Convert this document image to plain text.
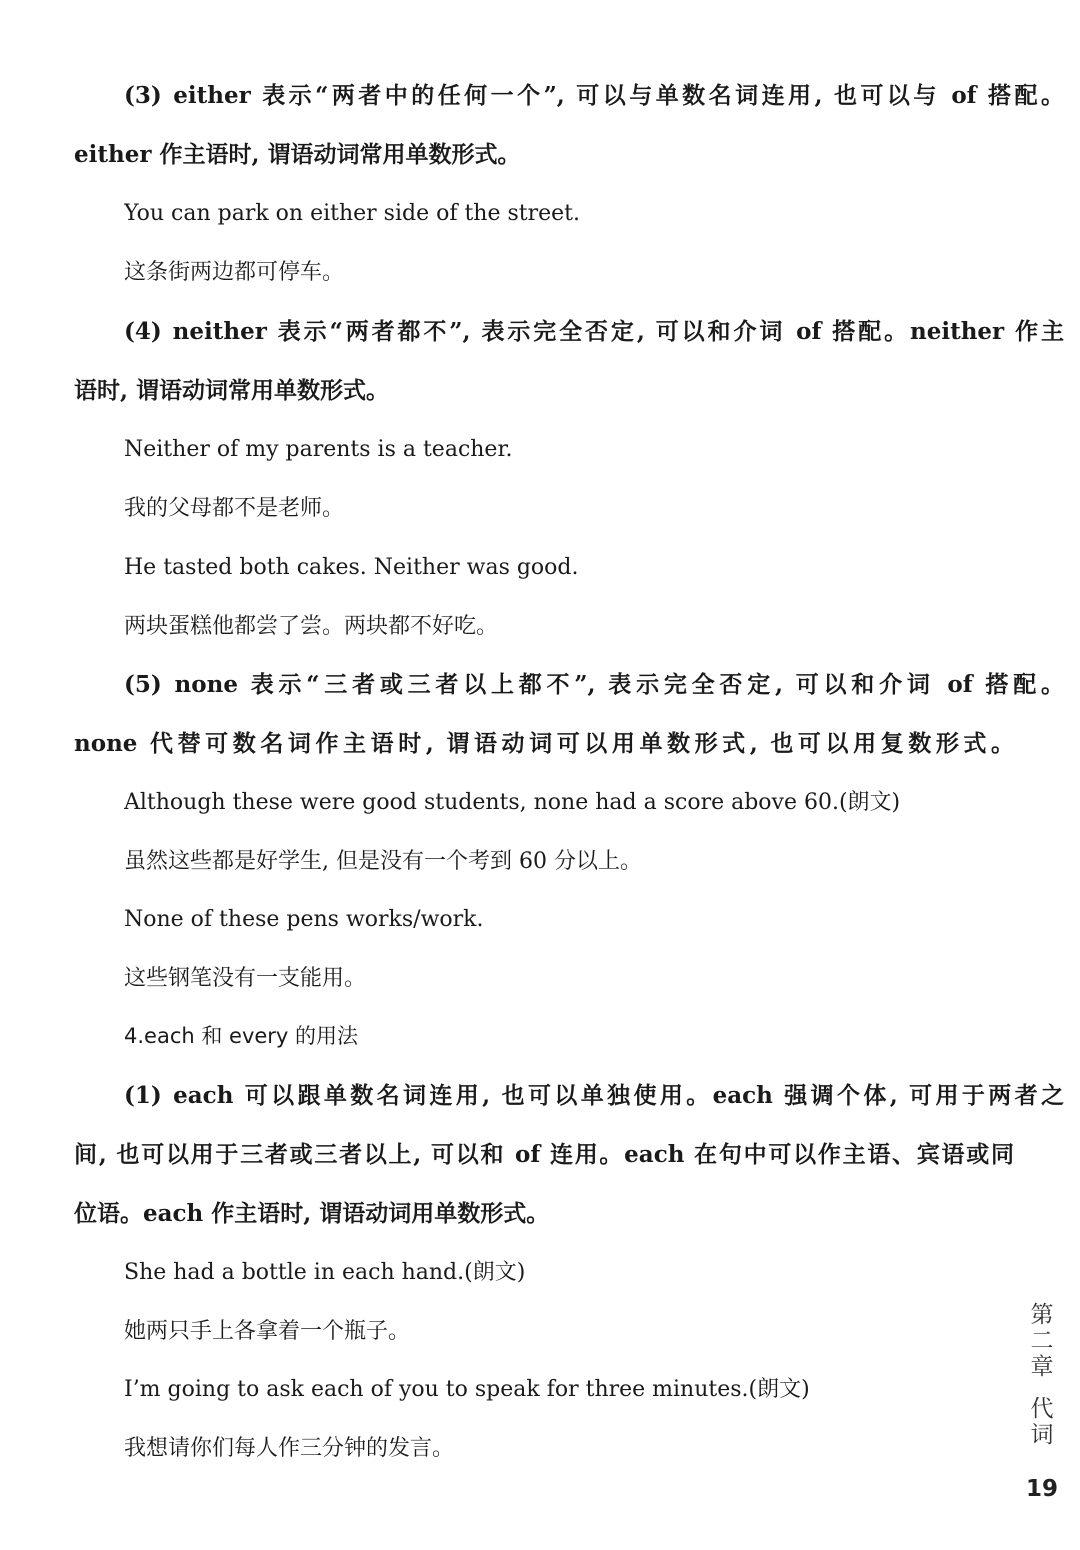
(3) either 表示“两者中的任何一个”, 可以与单数名词连用, 也可以与 of 搭配。
either 作主语时, 谓语动词常用单数形式。
You can park on either side of the street.
这条街两边都可停车。
(4) neither 表示“两者都不”, 表示完全否定, 可以和介词 of 搭配。neither 作主
语时, 谓语动词常用单数形式。
Neither of my parents is a teacher.
我的父母都不是老师。
He tasted both cakes. Neither was good.
两块蛋糕他都尝了尝。两块都不好吃。
(5) none 表示“三者或三者以上都不”, 表示完全否定, 可以和介词 of 搭配。
none 代替可数名词作主语时, 谓语动词可以用单数形式, 也可以用复数形式。
Although these were good students, none had a score above 60.(朗文)
虽然这些都是好学生, 但是没有一个考到 60 分以上。
None of these pens works/work.
这些钢笔没有一支能用。
4.each 和 every 的用法
(1) each 可以跟单数名词连用, 也可以单独使用。each 强调个体, 可用于两者之
间, 也可以用于三者或三者以上, 可以和 of 连用。each 在句中可以作主语、宾语或同
位语。each 作主语时, 谓语动词用单数形式。
She had a bottle in each hand.(朗文)
她两只手上各拿着一个瓶子。
I’m going to ask each of you to speak for three minutes.(朗文)
我想请你们每人作三分钟的发言。
第
二
章
代
词
19
